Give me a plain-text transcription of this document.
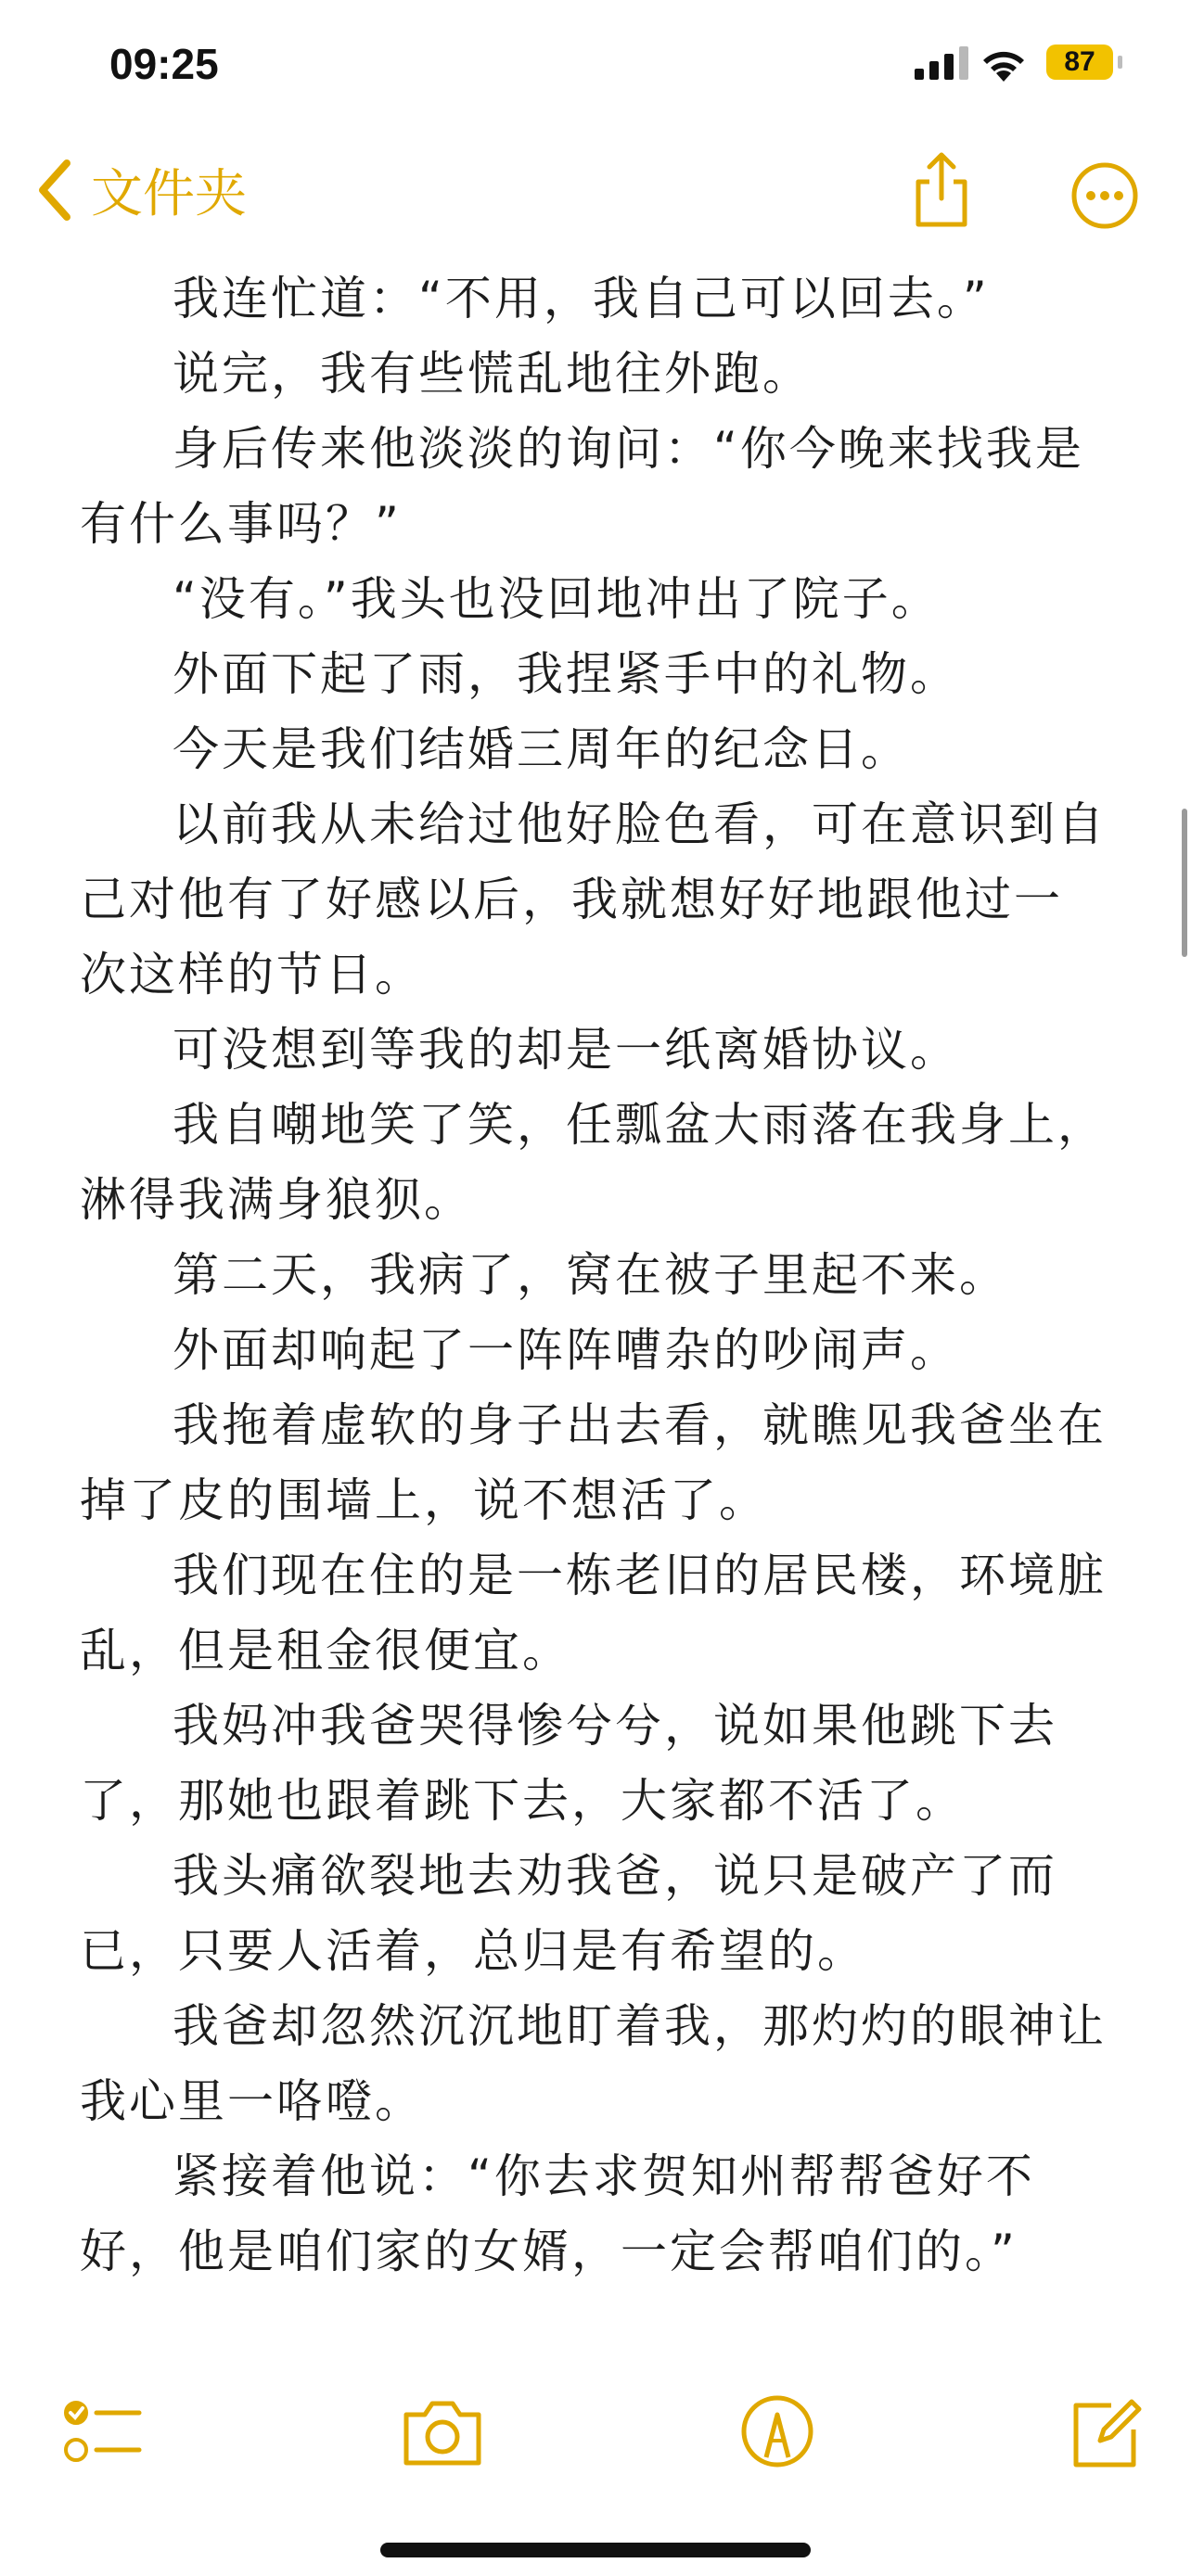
09:25	87
文件夹

我连忙道：“不用，我自己可以回去。”

说完，我有些慌乱地往外跑。

身后传来他淡淡的询问：“你今晚来找我是有什么事吗？”

“没有。”我头也没回地冲出了院子。

外面下起了雨，我捏紧手中的礼物。

今天是我们结婚三周年的纪念日。

以前我从未给过他好脸色看，可在意识到自己对他有了好感以后，我就想好好地跟他过一次这样的节日。

可没想到等我的却是一纸离婚协议。

我自嘲地笑了笑，任瓢盆大雨落在我身上，淋得我满身狼狈。

第二天，我病了，窝在被子里起不来。

外面却响起了一阵阵嘈杂的吵闹声。

我拖着虚软的身子出去看，就瞧见我爸坐在掉了皮的围墙上，说不想活了。

我们现在住的是一栋老旧的居民楼，环境脏乱，但是租金很便宜。

我妈冲我爸哭得惨兮兮，说如果他跳下去了，那她也跟着跳下去，大家都不活了。

我头痛欲裂地去劝我爸，说只是破产了而已，只要人活着，总归是有希望的。

我爸却忽然沉沉地盯着我，那灼灼的眼神让我心里一咯噔。

紧接着他说：“你去求贺知州帮帮爸好不好，他是咱们家的女婿，一定会帮咱们的。”
